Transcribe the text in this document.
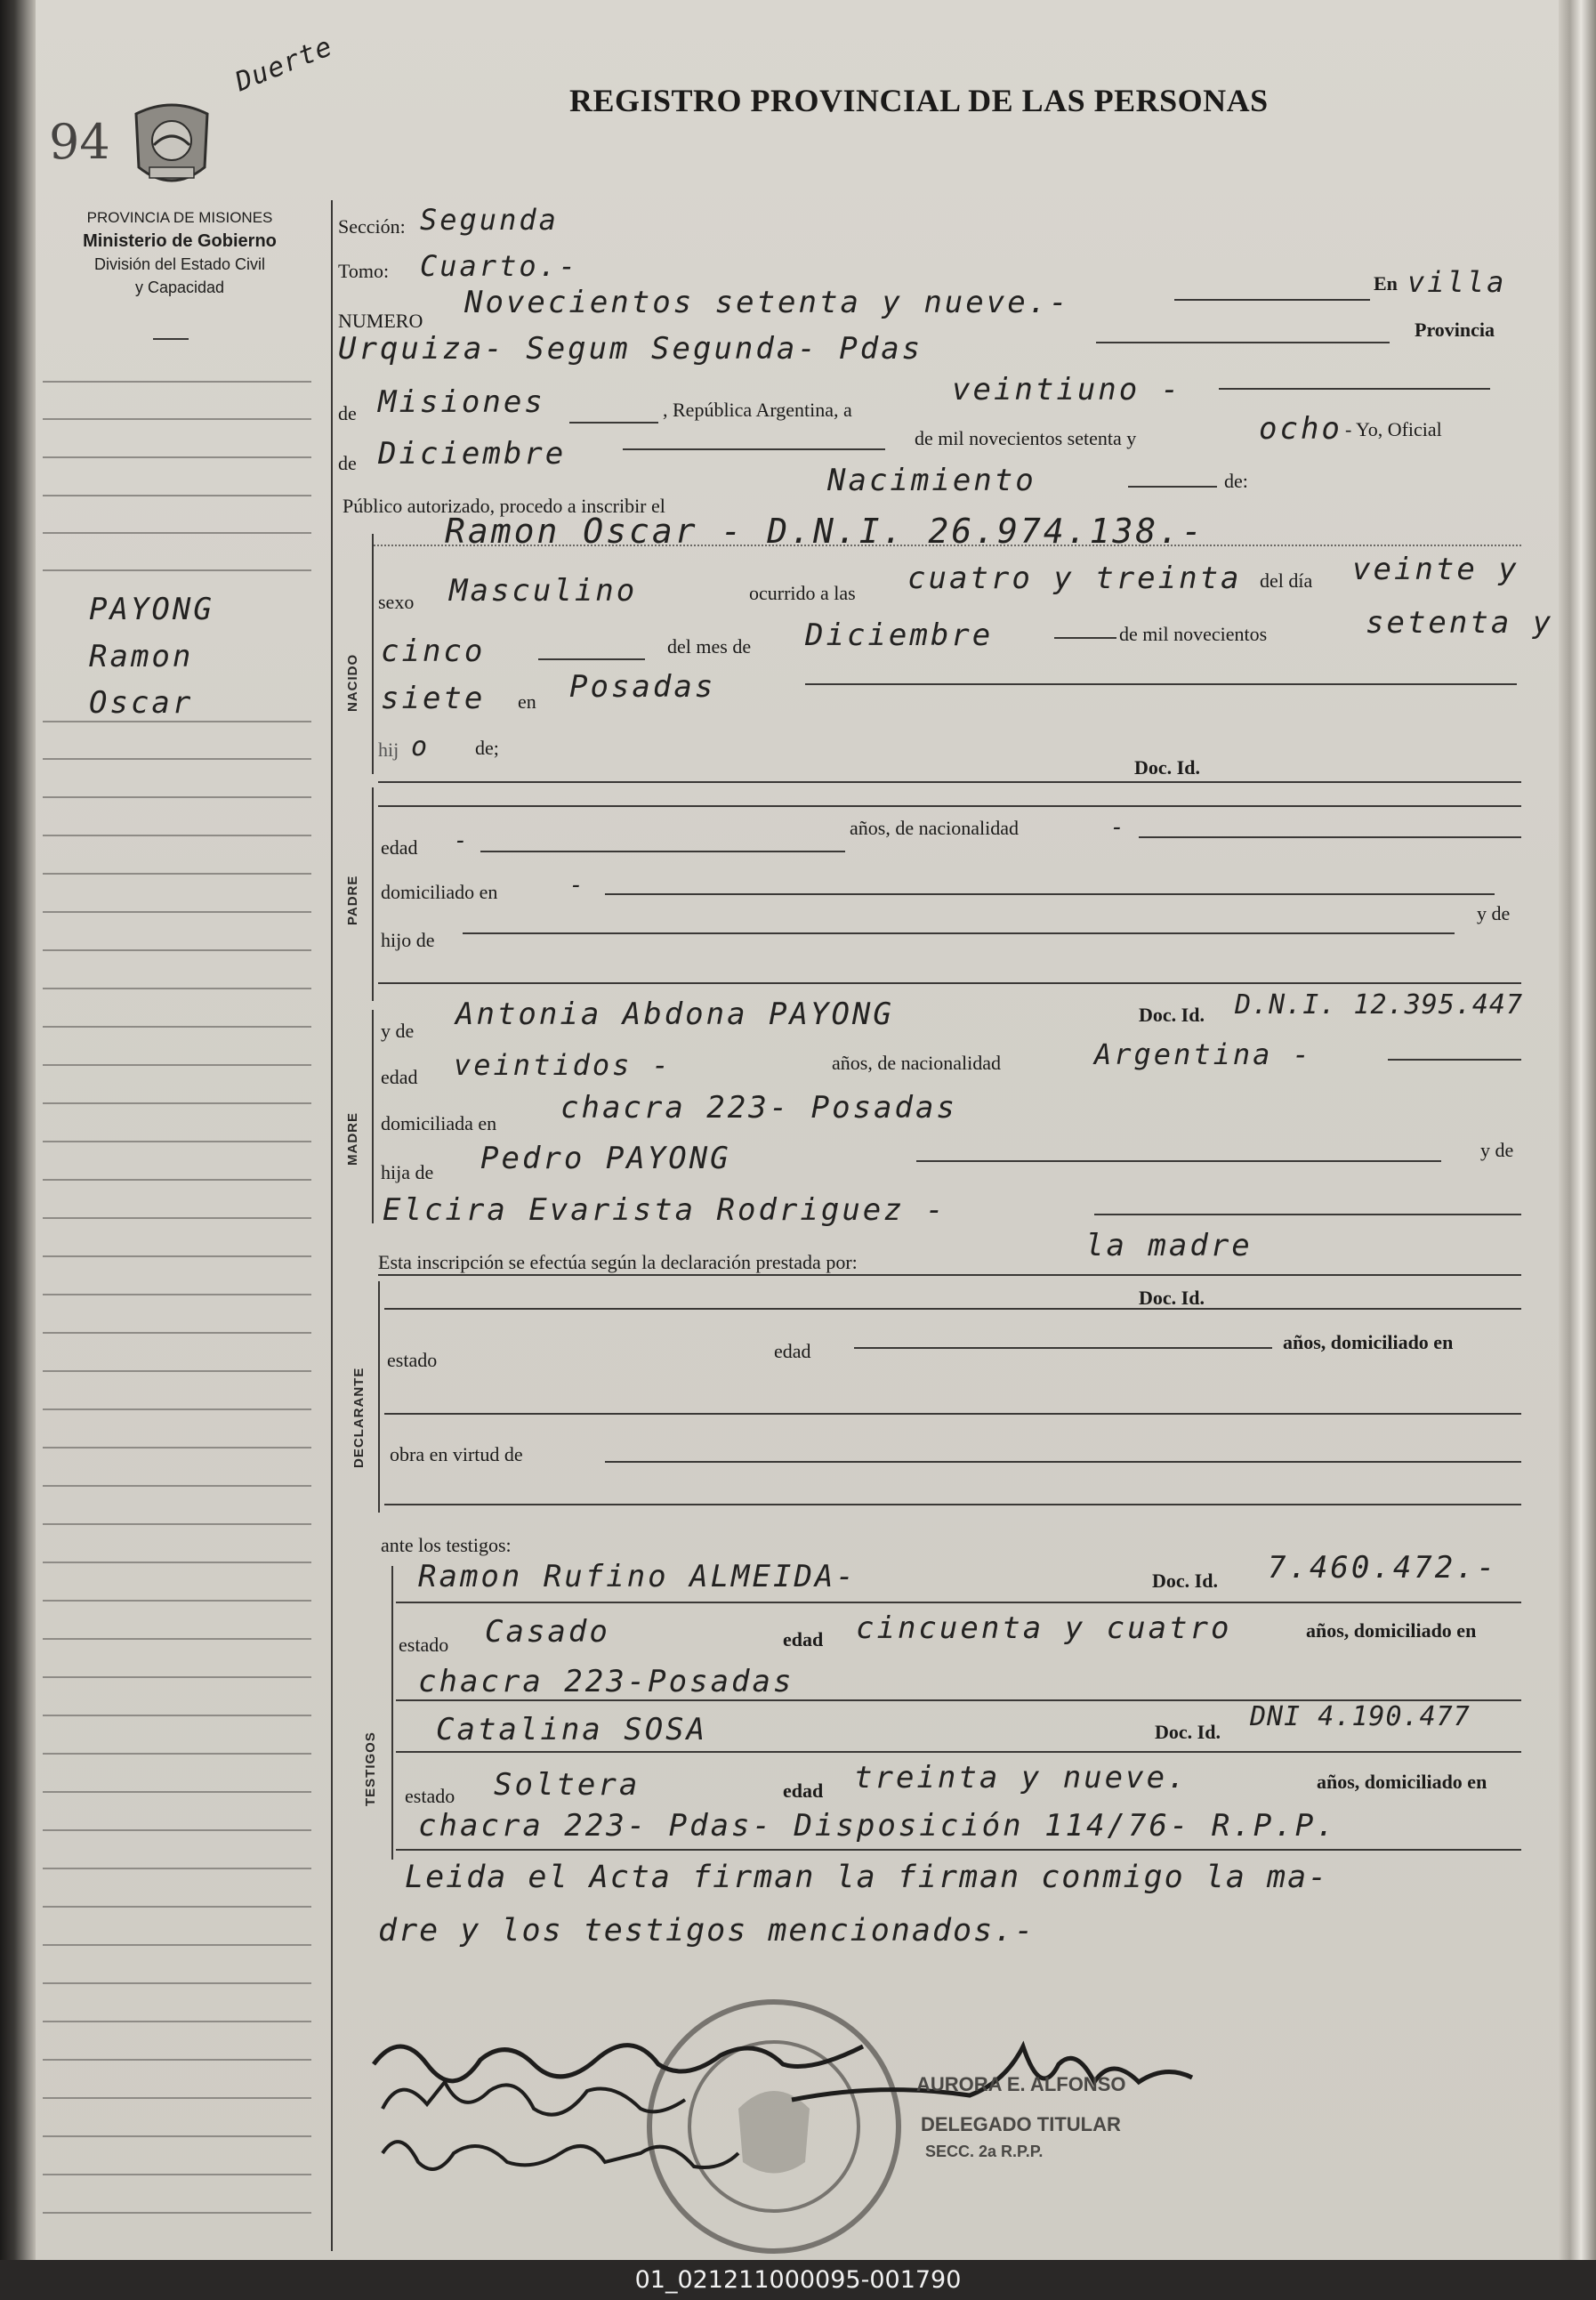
94
Duerte
REGISTRO PROVINCIAL DE LAS PERSONAS
PROVINCIA DE MISIONES
Ministerio de Gobierno
División del Estado Civil
y Capacidad
PAYONG
Ramon
Oscar
Sección: Segunda
Tomo: Cuarto.-
NUMERO
Novecientos setenta y nueve.-
En villa
Urquiza- Segum Segunda- Pdas
Provincia
de Misiones	, República Argentina, a
veintiuno -
de Diciembre	de mil novecientos setenta y	ocho - Yo, Oficial
Público autorizado, procedo a inscribir el
Nacimiento	de:
NACIDO
Ramon Oscar - D.N.I. 26.974.138.-
sexo Masculino	ocurrido a las cuatro y treinta del día veinte y
cinco	del mes de Diciembre	de mil novecientos	setenta y
siete en Posadas
hij o de;
Doc. Id.
PADRE
edad -	años, de nacionalidad	-
domiciliado en	-
hijo de
y de
MADRE
y de Antonia Abdona PAYONG	Doc. Id. D.N.I. 12.395.447
edad veintidos -	años, de nacionalidad	Argentina -
domiciliada en chacra 223- Posadas
hija de Pedro PAYONG	y de
Elcira Evarista Rodriguez -
Esta inscripción se efectúa según la declaración prestada por:	la madre
DECLARANTE
Doc. Id.
estado	edad	años, domiciliado en
obra en virtud de
ante los testigos:
TESTIGOS
Ramon Rufino ALMEIDA-	Doc. Id. 7.460.472.-
estado Casado	edad cincuenta y cuatro	años, domiciliado en
chacra 223-Posadas
Catalina SOSA	Doc. Id. DNI 4.190.477
estado Soltera	edad treinta y nueve.	años, domiciliado en
chacra 223- Pdas- Disposición 114/76- R.P.P.
Leida el Acta firman la firman conmigo la ma-
dre y los testigos mencionados.-
AURORA E. ALFONSO
DELEGADO TITULAR
SECC. 2a R.P.P.
01_021211000095-001790
